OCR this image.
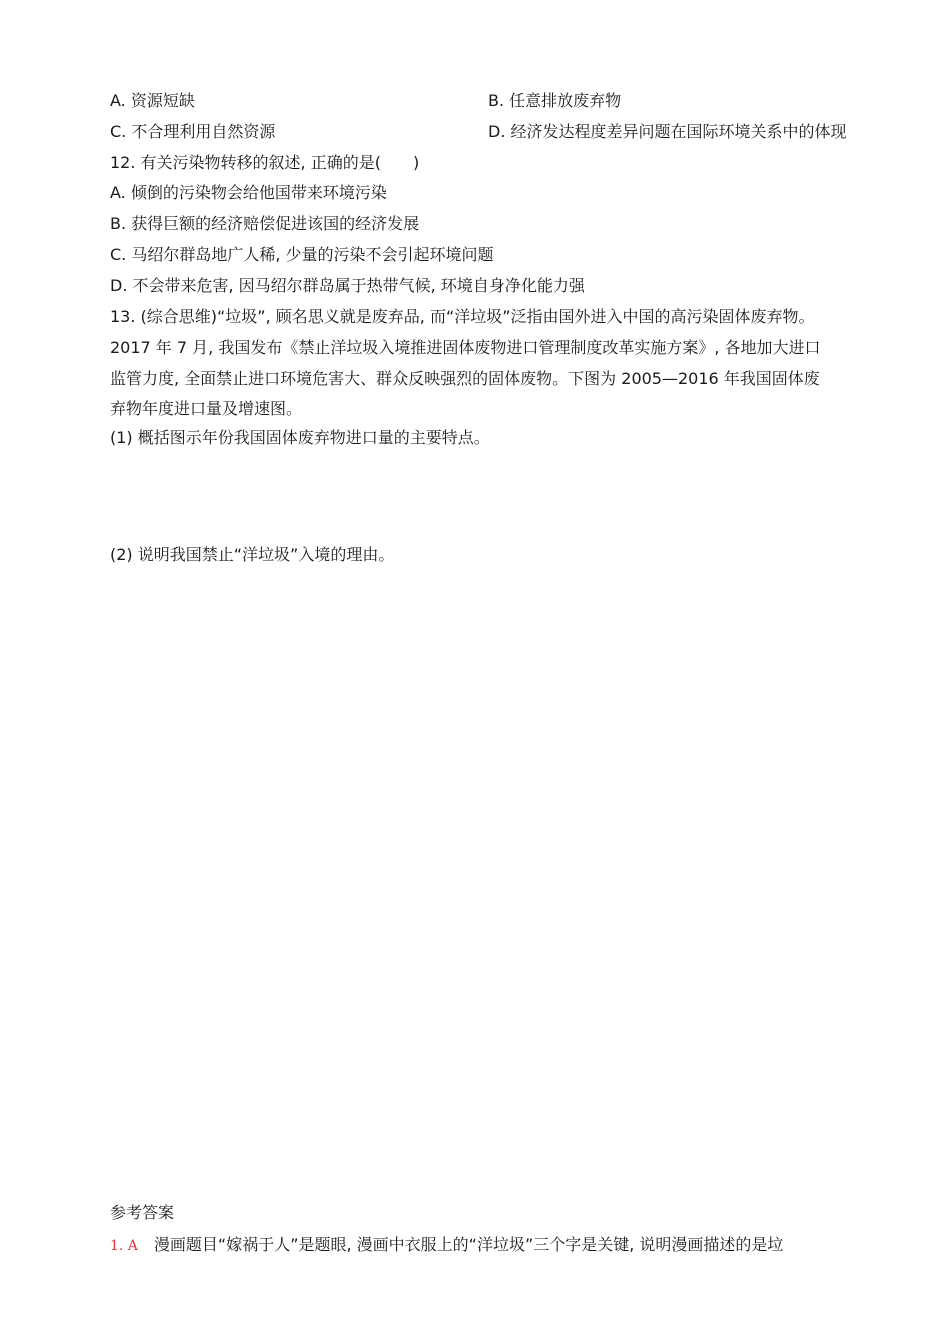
A. 资源短缺	B. 任意排放废弃物
C. 不合理利用自然资源	D. 经济发达程度差异问题在国际环境关系中的体现
12. 有关污染物转移的叙述, 正确的是(　　)
A. 倾倒的污染物会给他国带来环境污染
B. 获得巨额的经济赔偿促进该国的经济发展
C. 马绍尔群岛地广人稀, 少量的污染不会引起环境问题
D. 不会带来危害, 因马绍尔群岛属于热带气候, 环境自身净化能力强
13. (综合思维)“垃圾”, 顾名思义就是废弃品, 而“洋垃圾”泛指由国外进入中国的高污染固体废弃物。
2017 年 7 月, 我国发布《禁止洋垃圾入境推进固体废物进口管理制度改革实施方案》, 各地加大进口
监管力度, 全面禁止进口环境危害大、群众反映强烈的固体废物。下图为 2005—2016 年我国固体废
弃物年度进口量及增速图。
(1) 概括图示年份我国固体废弃物进口量的主要特点。
(2) 说明我国禁止“洋垃圾”入境的理由。
参考答案
1. A 漫画题目“嫁祸于人”是题眼, 漫画中衣服上的“洋垃圾”三个字是关键, 说明漫画描述的是垃
